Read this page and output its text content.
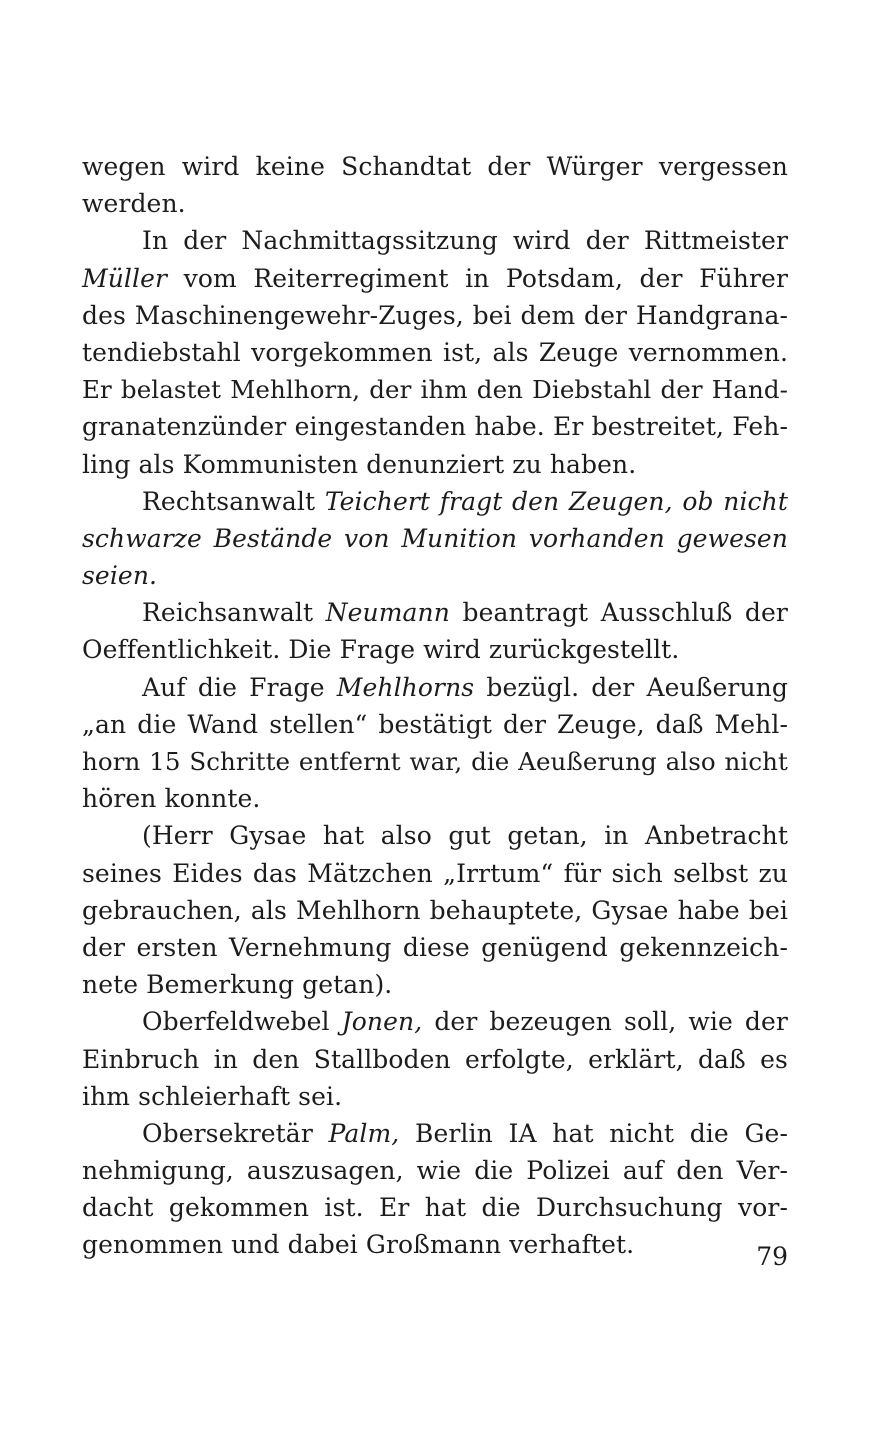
wegen wird keine Schandtat der Würger vergessen
werden.
In der Nachmittagssitzung wird der Rittmeister
Müller vom Reiterregiment in Potsdam, der Führer
des Maschinengewehr-Zuges, bei dem der Handgrana-
tendiebstahl vorgekommen ist, als Zeuge vernommen.
Er belastet Mehlhorn, der ihm den Diebstahl der Hand-
granatenzünder eingestanden habe. Er bestreitet, Feh-
ling als Kommunisten denunziert zu haben.
Rechtsanwalt Teichert fragt den Zeugen, ob nicht
schwarze Bestände von Munition vorhanden gewesen
seien.
Reichsanwalt Neumann beantragt Ausschluß der
Oeffentlichkeit. Die Frage wird zurückgestellt.
Auf die Frage Mehlhorns bezügl. der Aeußerung
„an die Wand stellen“ bestätigt der Zeuge, daß Mehl-
horn 15 Schritte entfernt war, die Aeußerung also nicht
hören konnte.
(Herr Gysae hat also gut getan, in Anbetracht
seines Eides das Mätzchen „Irrtum“ für sich selbst zu
gebrauchen, als Mehlhorn behauptete, Gysae habe bei
der ersten Vernehmung diese genügend gekennzeich-
nete Bemerkung getan).
Oberfeldwebel Jonen, der bezeugen soll, wie der
Einbruch in den Stallboden erfolgte, erklärt, daß es
ihm schleierhaft sei.
Obersekretär Palm, Berlin IA hat nicht die Ge-
nehmigung, auszusagen, wie die Polizei auf den Ver-
dacht gekommen ist. Er hat die Durchsuchung vor-
genommen und dabei Großmann verhaftet.	79
